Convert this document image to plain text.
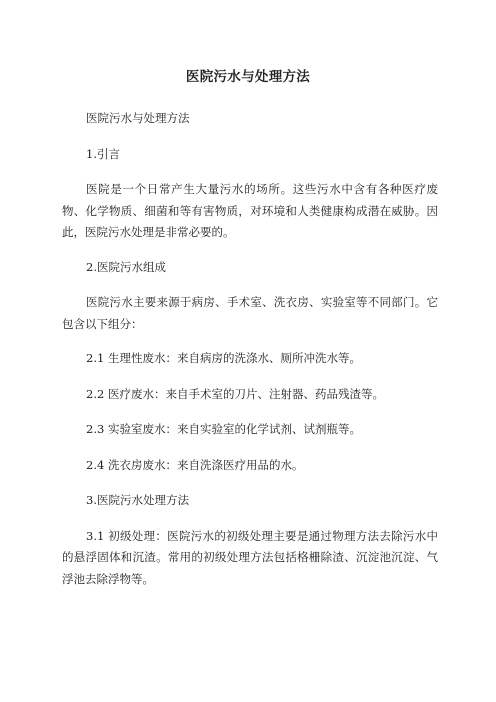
医院污水与处理方法

医院污水与处理方法

1.引言

医院是一个日常产生大量污水的场所。这些污水中含有各种医疗废物、化学物质、细菌和等有害物质，对环境和人类健康构成潜在威胁。因此，医院污水处理是非常必要的。

2.医院污水组成

医院污水主要来源于病房、手术室、洗衣房、实验室等不同部门。它包含以下组分：

2.1 生理性废水：来自病房的洗涤水、厕所冲洗水等。

2.2 医疗废水：来自手术室的刀片、注射器、药品残渣等。

2.3 实验室废水：来自实验室的化学试剂、试剂瓶等。

2.4 洗衣房废水：来自洗涤医疗用品的水。

3.医院污水处理方法

3.1 初级处理：医院污水的初级处理主要是通过物理方法去除污水中的悬浮固体和沉渣。常用的初级处理方法包括格栅除渣、沉淀池沉淀、气浮池去除浮物等。
